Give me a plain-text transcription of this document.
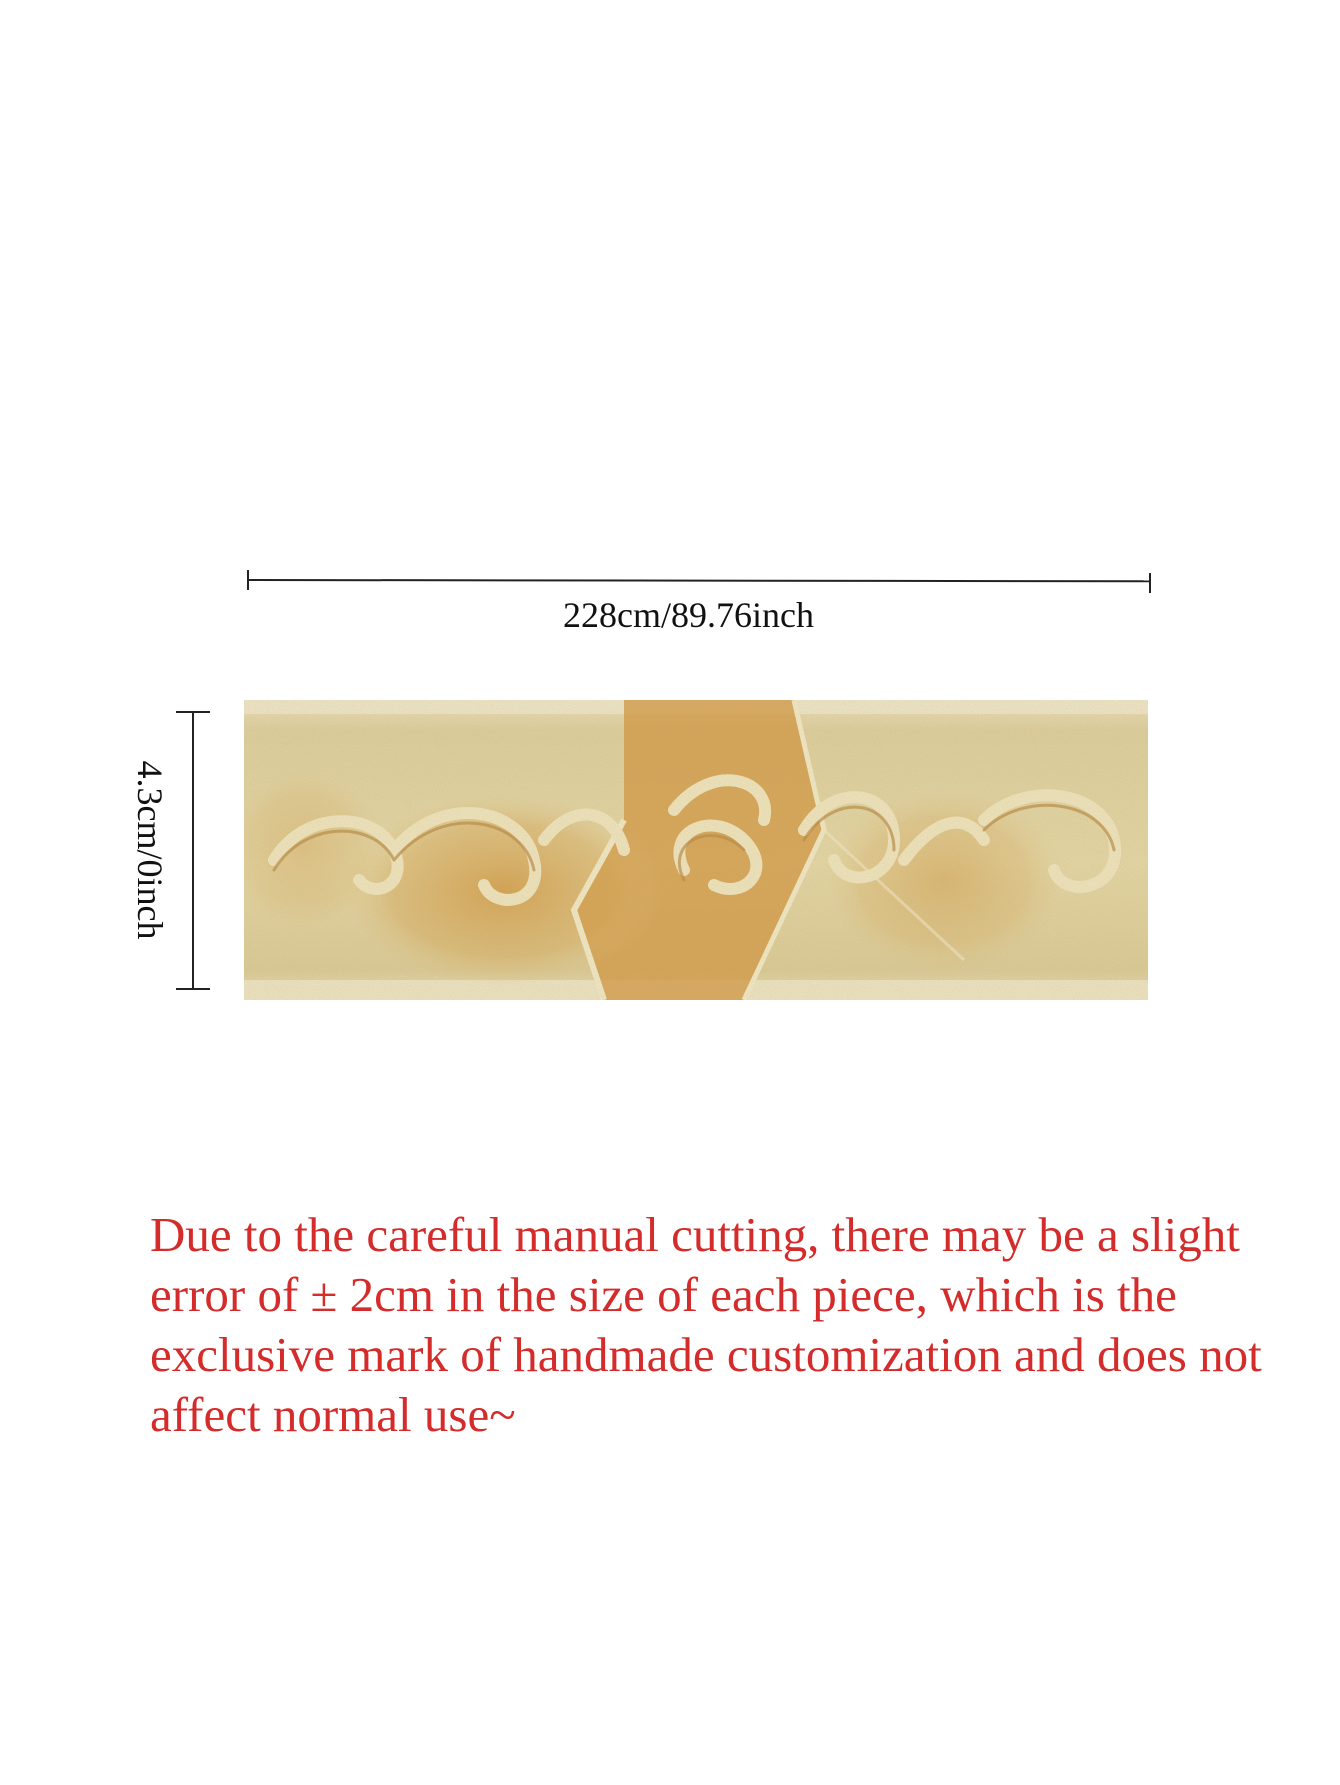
228cm/89.76inch
4.3cm/0inch
Due to the careful manual cutting, there may be a slight error of ± 2cm in the size of each piece, which is the exclusive mark of handmade customization and does not affect normal use~
